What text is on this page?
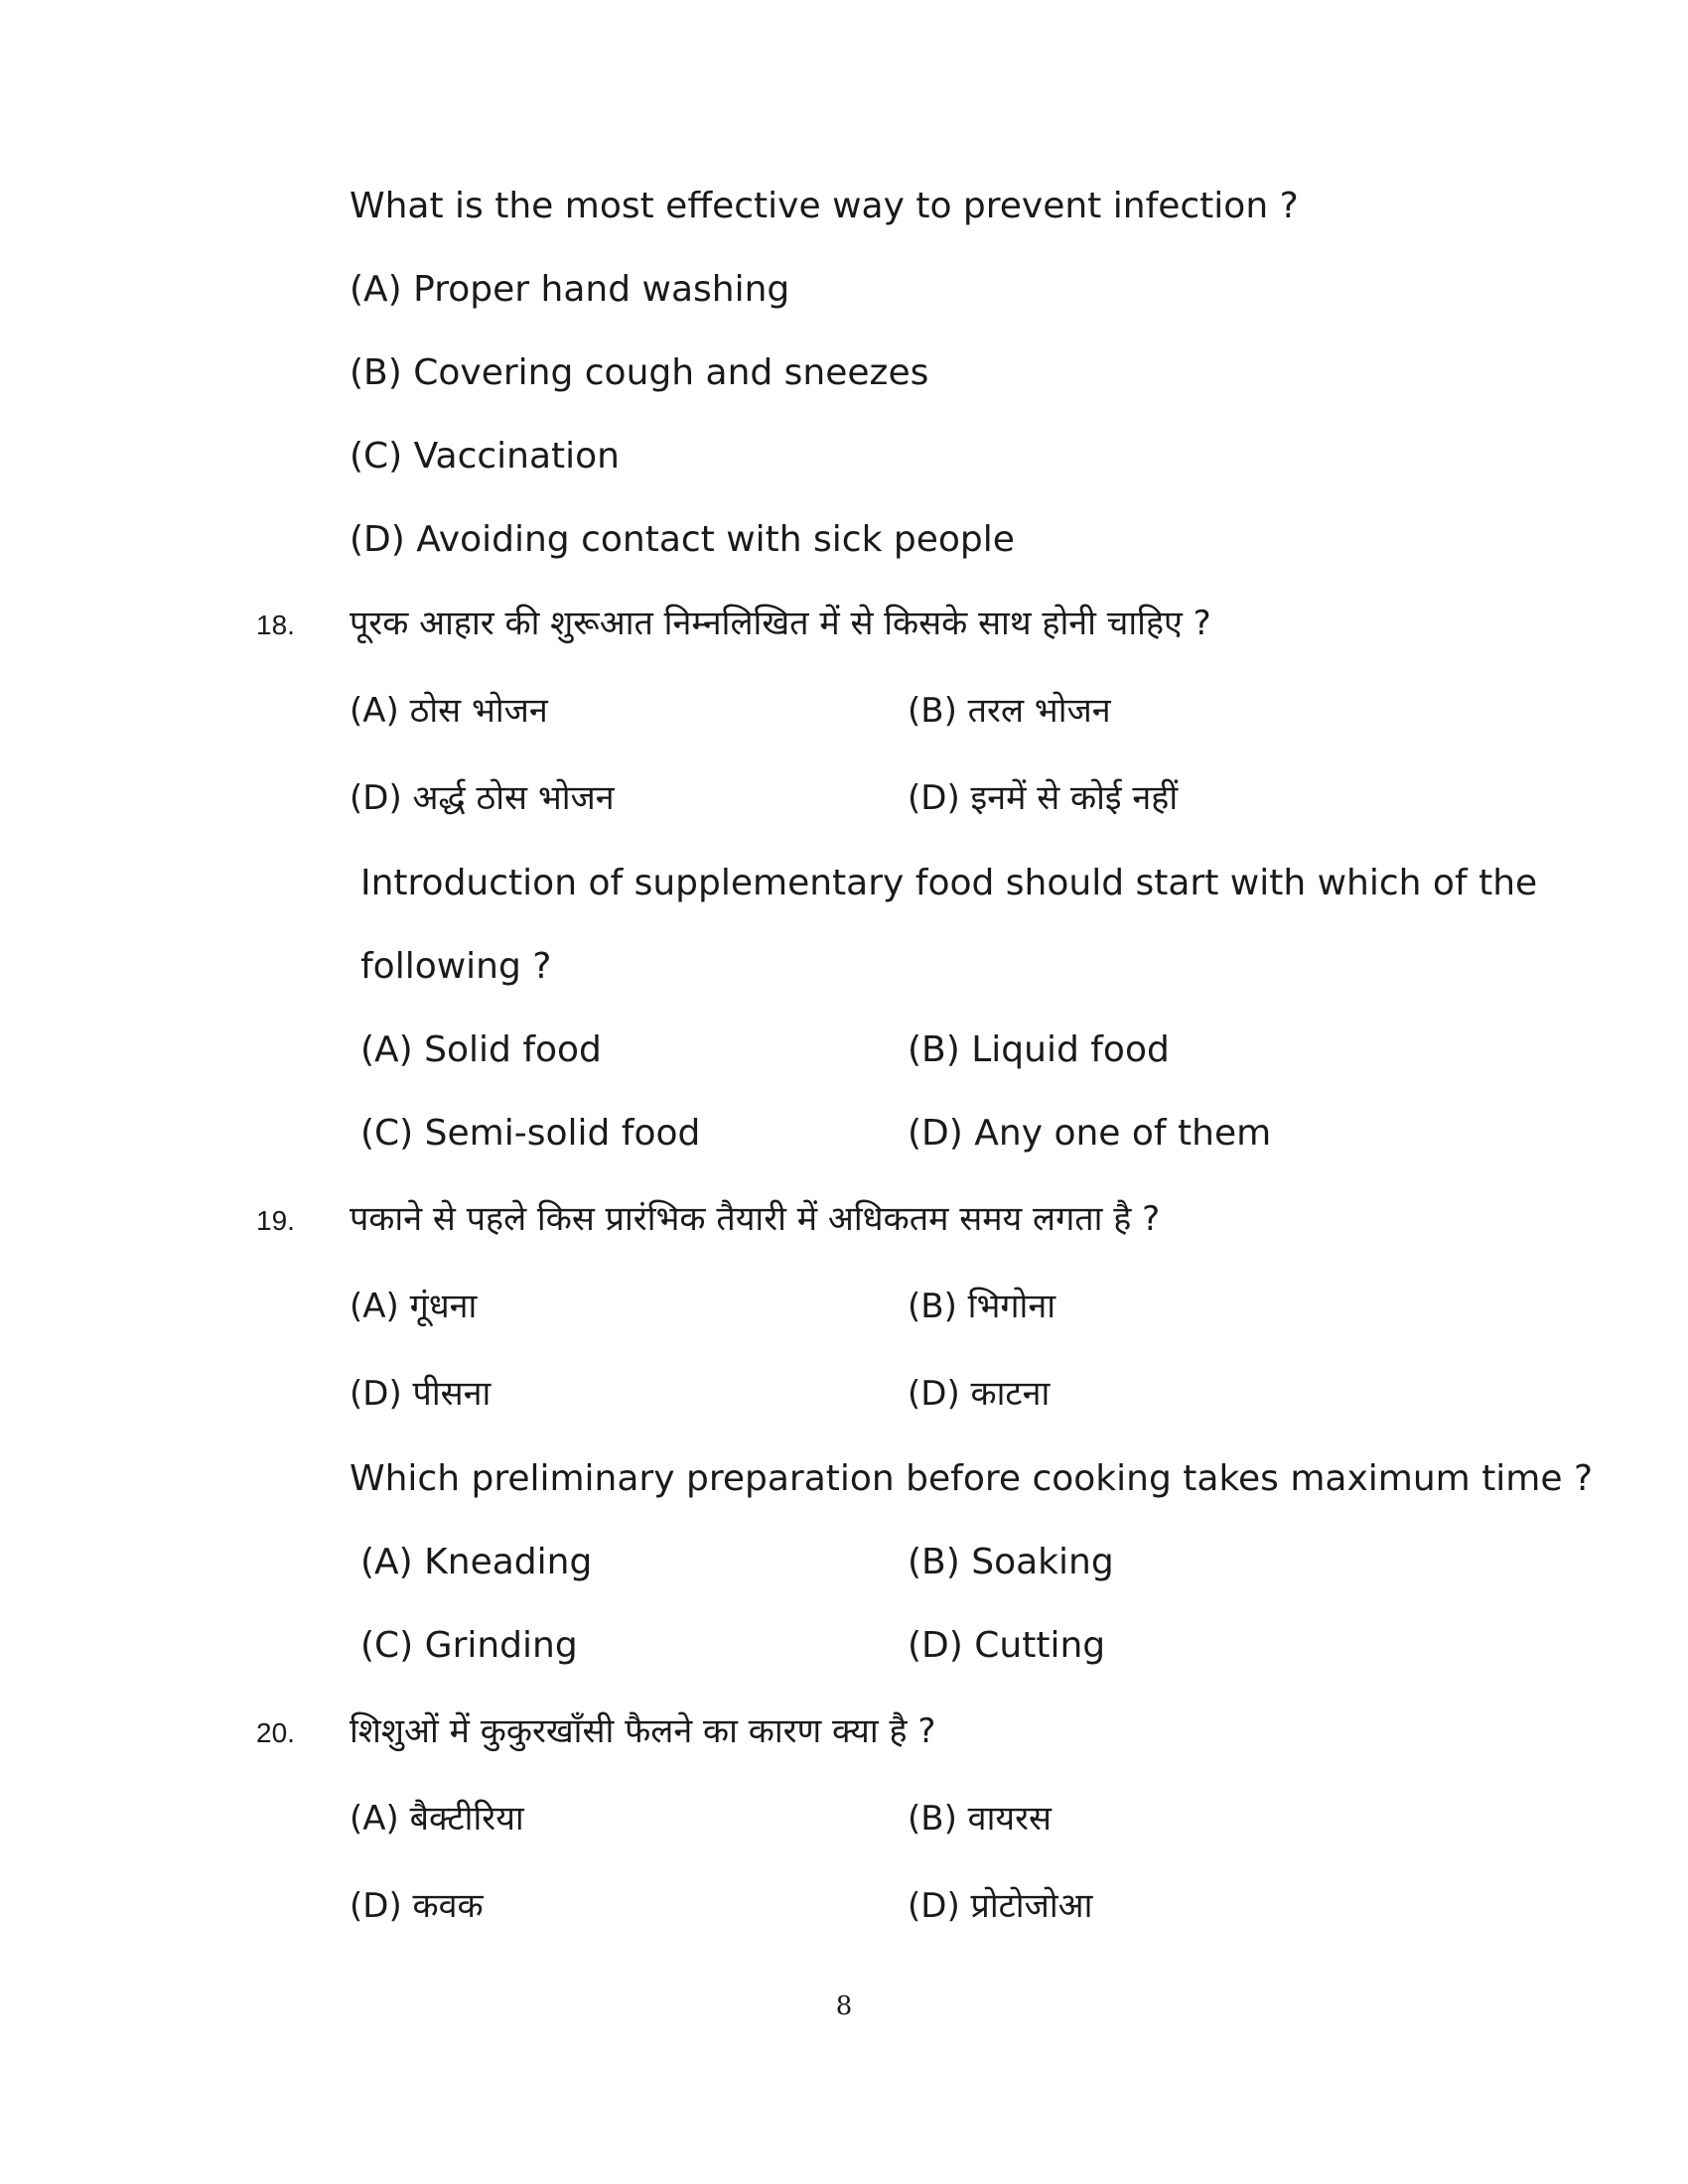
What is the most effective way to prevent infection ?
(A) Proper hand washing
(B) Covering cough and sneezes
(C) Vaccination
(D) Avoiding contact with sick people
18. पूरक आहार की शुरूआत निम्नलिखित में से किसके साथ होनी चाहिए ?
(A) ठोस भोजन	(B) तरल भोजन
(D) अर्द्ध ठोस भोजन	(D) इनमें से कोई नहीं
Introduction of supplementary food should start with which of the
following ?
(A) Solid food	(B) Liquid food
(C) Semi-solid food	(D) Any one of them
19. पकाने से पहले किस प्रारंभिक तैयारी में अधिकतम समय लगता है ?
(A) गूंधना	(B) भिगोना
(D) पीसना	(D) काटना
Which preliminary preparation before cooking takes maximum time ?
(A) Kneading	(B) Soaking
(C) Grinding	(D) Cutting
20. शिशुओं में कुकुरखाँसी फैलने का कारण क्या है ?
(A) बैक्टीरिया	(B) वायरस
(D) कवक	(D) प्रोटोजोआ
8
